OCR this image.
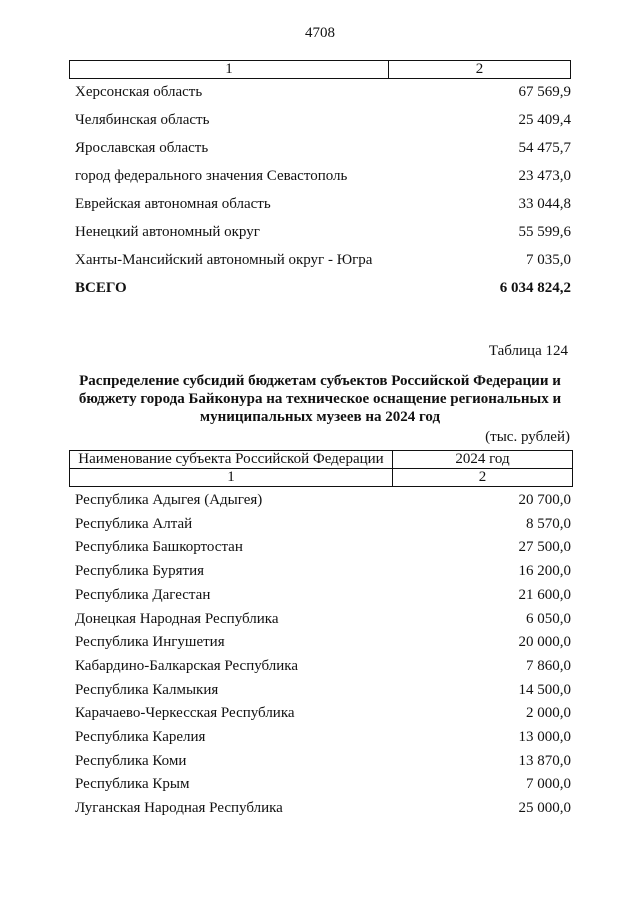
4708
1	2
Херсонская область	67 569,9
Челябинская область	25 409,4
Ярославская область	54 475,7
город федерального значения Севастополь	23 473,0
Еврейская автономная область	33 044,8
Ненецкий автономный округ	55 599,6
Ханты-Мансийский автономный округ - Югра	7 035,0
ВСЕГО	6 034 824,2
Таблица 124
Распределение субсидий бюджетам субъектов Российской Федерации и бюджету города Байконура на техническое оснащение региональных и муниципальных музеев на 2024 год
(тыс. рублей)
Наименование субъекта Российской Федерации	2024 год
1	2
Республика Адыгея (Адыгея)	20 700,0
Республика Алтай	8 570,0
Республика Башкортостан	27 500,0
Республика Бурятия	16 200,0
Республика Дагестан	21 600,0
Донецкая Народная Республика	6 050,0
Республика Ингушетия	20 000,0
Кабардино-Балкарская Республика	7 860,0
Республика Калмыкия	14 500,0
Карачаево-Черкесская Республика	2 000,0
Республика Карелия	13 000,0
Республика Коми	13 870,0
Республика Крым	7 000,0
Луганская Народная Республика	25 000,0
